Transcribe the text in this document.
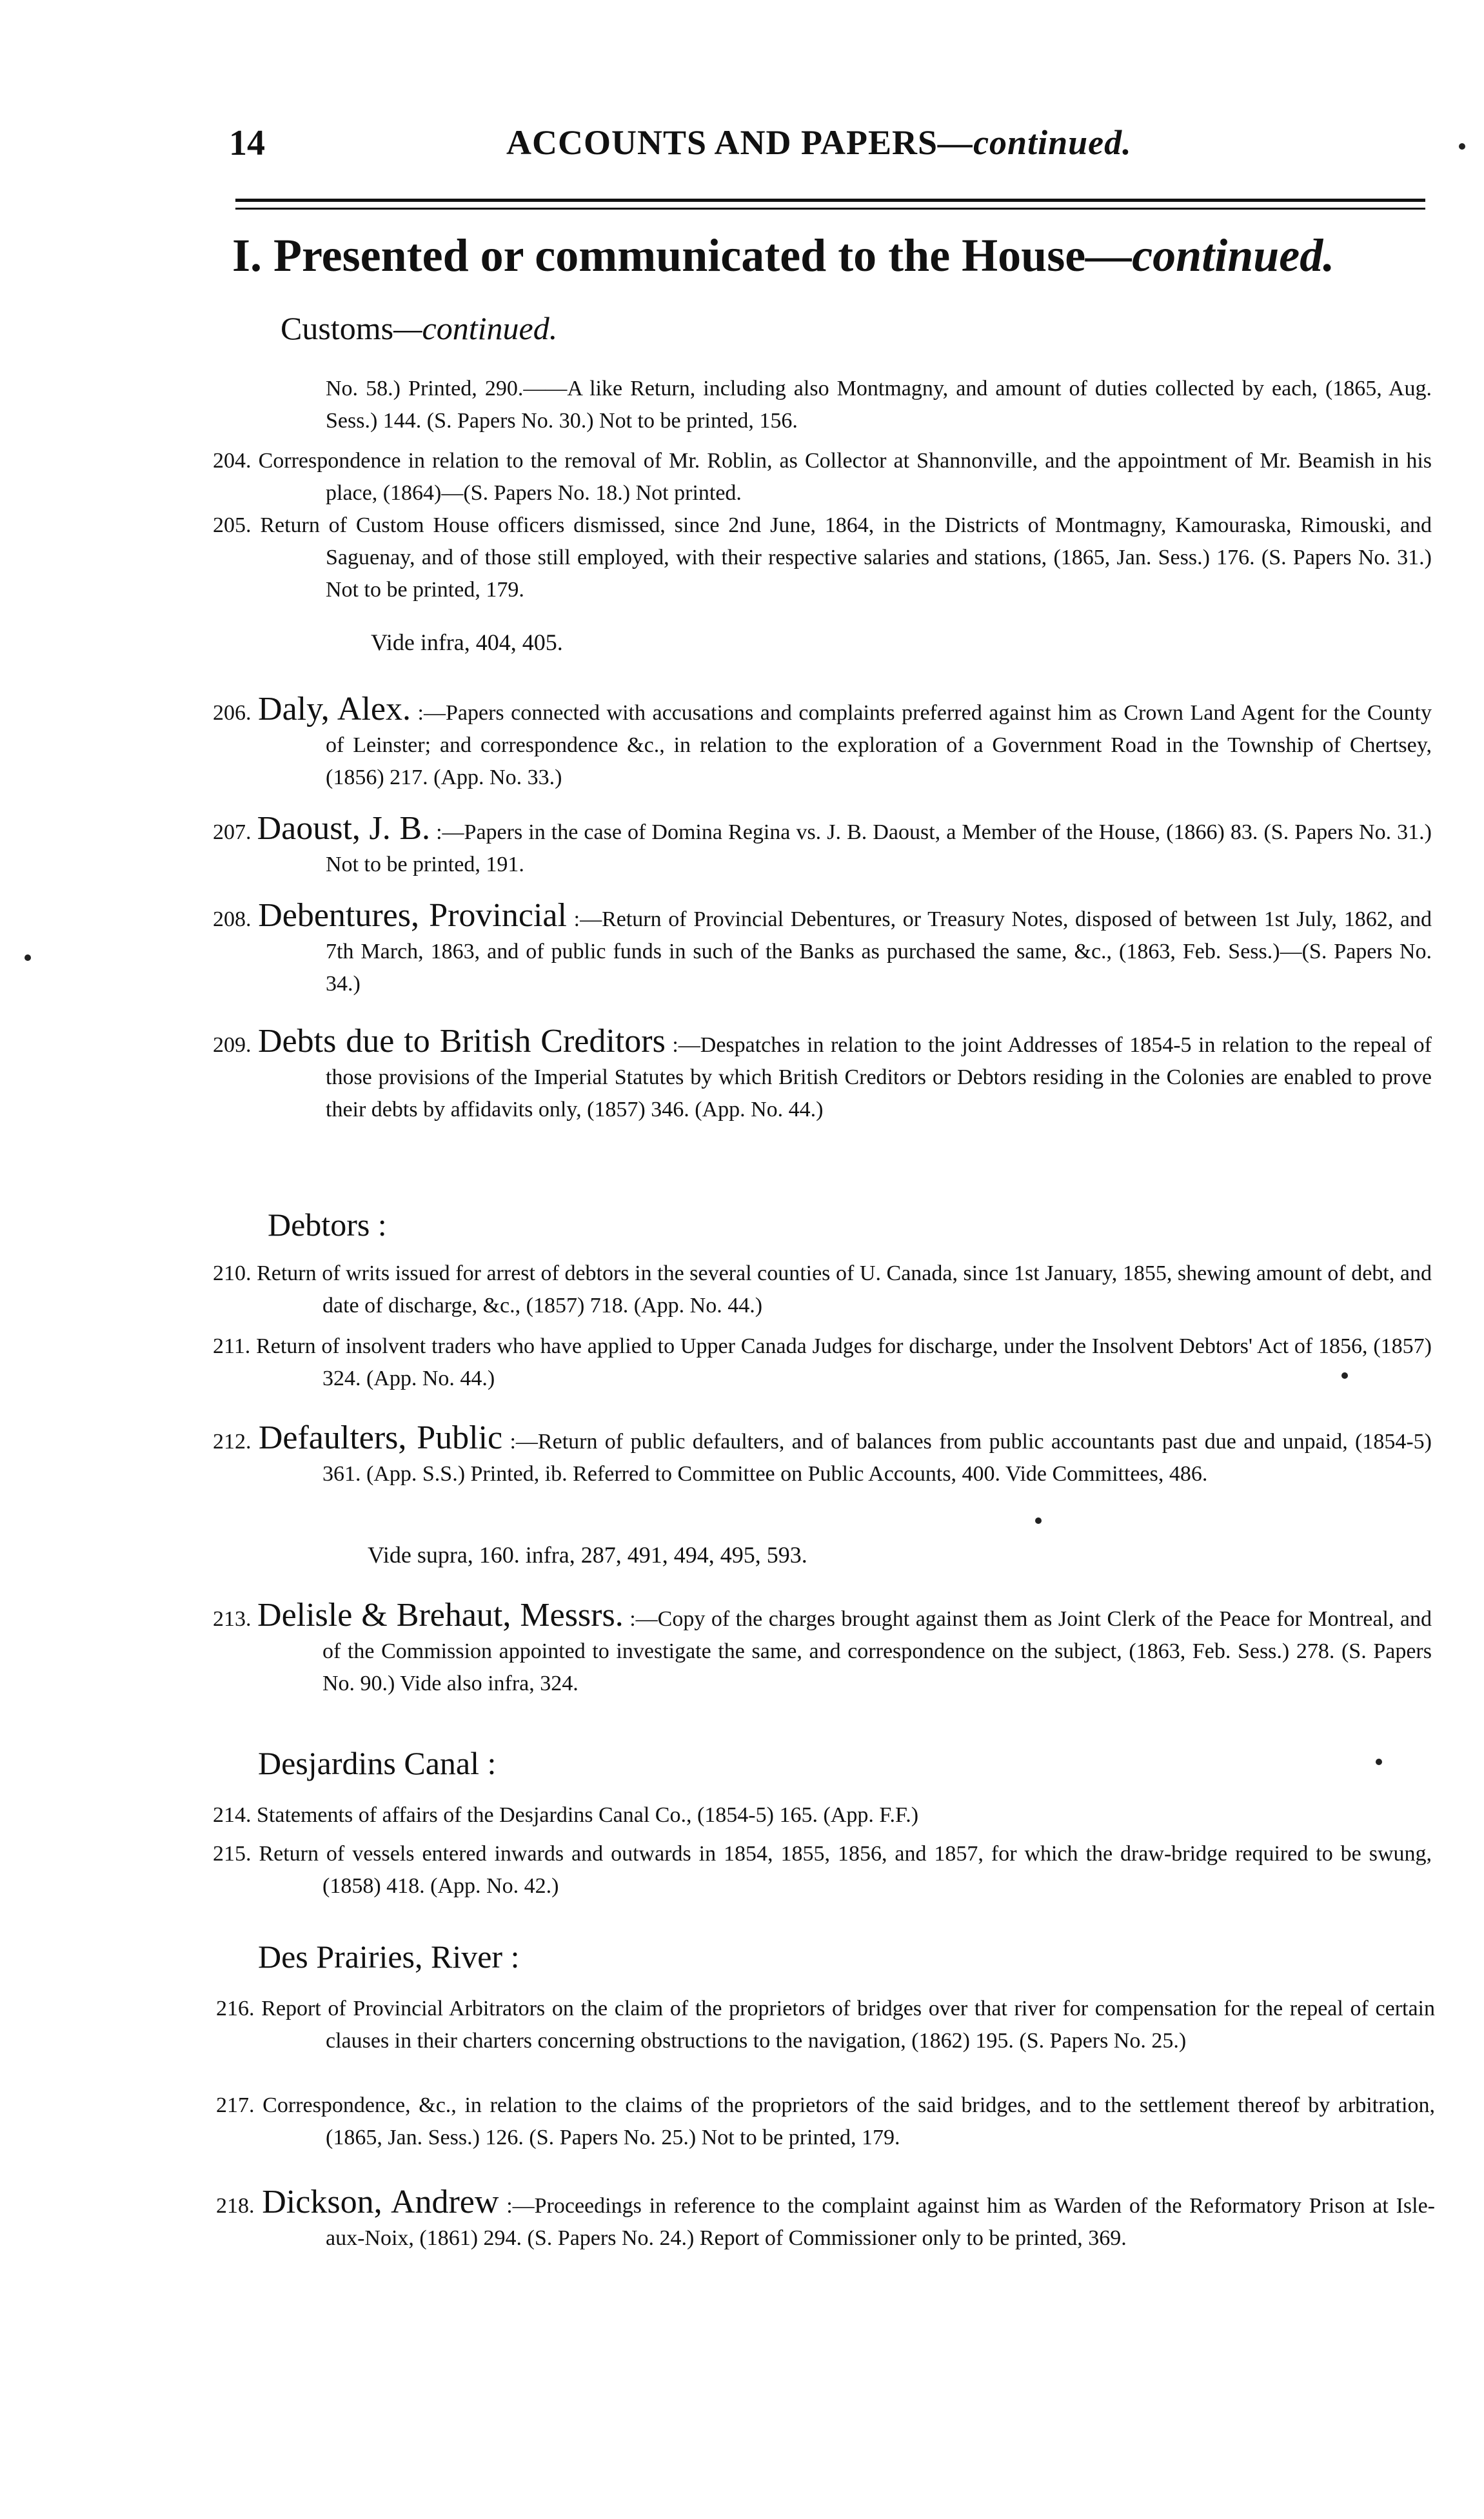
14	ACCOUNTS AND PAPERS—continued.
I. Presented or communicated to the House—continued.
Customs—continued.
No. 58.) Printed, 290.——A like Return, including also Montmagny, and amount of duties collected by each, (1865, Aug. Sess.) 144. (S. Papers No. 30.) Not to be printed, 156.
204. Correspondence in relation to the removal of Mr. Roblin, as Collector at Shannonville, and the appointment of Mr. Beamish in his place, (1864)—(S. Papers No. 18.) Not printed.
205. Return of Custom House officers dismissed, since 2nd June, 1864, in the Districts of Montmagny, Kamouraska, Rimouski, and Saguenay, and of those still employed, with their respective salaries and stations, (1865, Jan. Sess.) 176. (S. Papers No. 31.) Not to be printed, 179.
Vide infra, 404, 405.
206. Daly, Alex. :—Papers connected with accusations and complaints preferred against him as Crown Land Agent for the County of Leinster; and correspondence &c., in relation to the exploration of a Government Road in the Township of Chertsey, (1856) 217. (App. No. 33.)
207. Daoust, J. B. :—Papers in the case of Domina Regina vs. J. B. Daoust, a Member of the House, (1866) 83. (S. Papers No. 31.) Not to be printed, 191.
208. Debentures, Provincial :—Return of Provincial Debentures, or Treasury Notes, disposed of between 1st July, 1862, and 7th March, 1863, and of public funds in such of the Banks as purchased the same, &c., (1863, Feb. Sess.)—(S. Papers No. 34.)
209. Debts due to British Creditors :—Despatches in relation to the joint Addresses of 1854-5 in relation to the repeal of those provisions of the Imperial Statutes by which British Creditors or Debtors residing in the Colonies are enabled to prove their debts by affidavits only, (1857) 346. (App. No. 44.)
Debtors :
210. Return of writs issued for arrest of debtors in the several counties of U. Canada, since 1st January, 1855, shewing amount of debt, and date of discharge, &c., (1857) 718. (App. No. 44.)
211. Return of insolvent traders who have applied to Upper Canada Judges for discharge, under the Insolvent Debtors' Act of 1856, (1857) 324. (App. No. 44.)
212. Defaulters, Public :—Return of public defaulters, and of balances from public accountants past due and unpaid, (1854-5) 361. (App. S.S.) Printed, ib. Referred to Committee on Public Accounts, 400. Vide Committees, 486.
Vide supra, 160. infra, 287, 491, 494, 495, 593.
213. Delisle & Brehaut, Messrs. :—Copy of the charges brought against them as Joint Clerk of the Peace for Montreal, and of the Commission appointed to investigate the same, and correspondence on the subject, (1863, Feb. Sess.) 278. (S. Papers No. 90.) Vide also infra, 324.
Desjardins Canal :
214. Statements of affairs of the Desjardins Canal Co., (1854-5) 165. (App. F.F.)
215. Return of vessels entered inwards and outwards in 1854, 1855, 1856, and 1857, for which the draw-bridge required to be swung, (1858) 418. (App. No. 42.)
Des Prairies, River :
216. Report of Provincial Arbitrators on the claim of the proprietors of bridges over that river for compensation for the repeal of certain clauses in their charters concerning obstructions to the navigation, (1862) 195. (S. Papers No. 25.)
217. Correspondence, &c., in relation to the claims of the proprietors of the said bridges, and to the settlement thereof by arbitration, (1865, Jan. Sess.) 126. (S. Papers No. 25.) Not to be printed, 179.
218. Dickson, Andrew :—Proceedings in reference to the complaint against him as Warden of the Reformatory Prison at Isle-aux-Noix, (1861) 294. (S. Papers No. 24.) Report of Commissioner only to be printed, 369.
